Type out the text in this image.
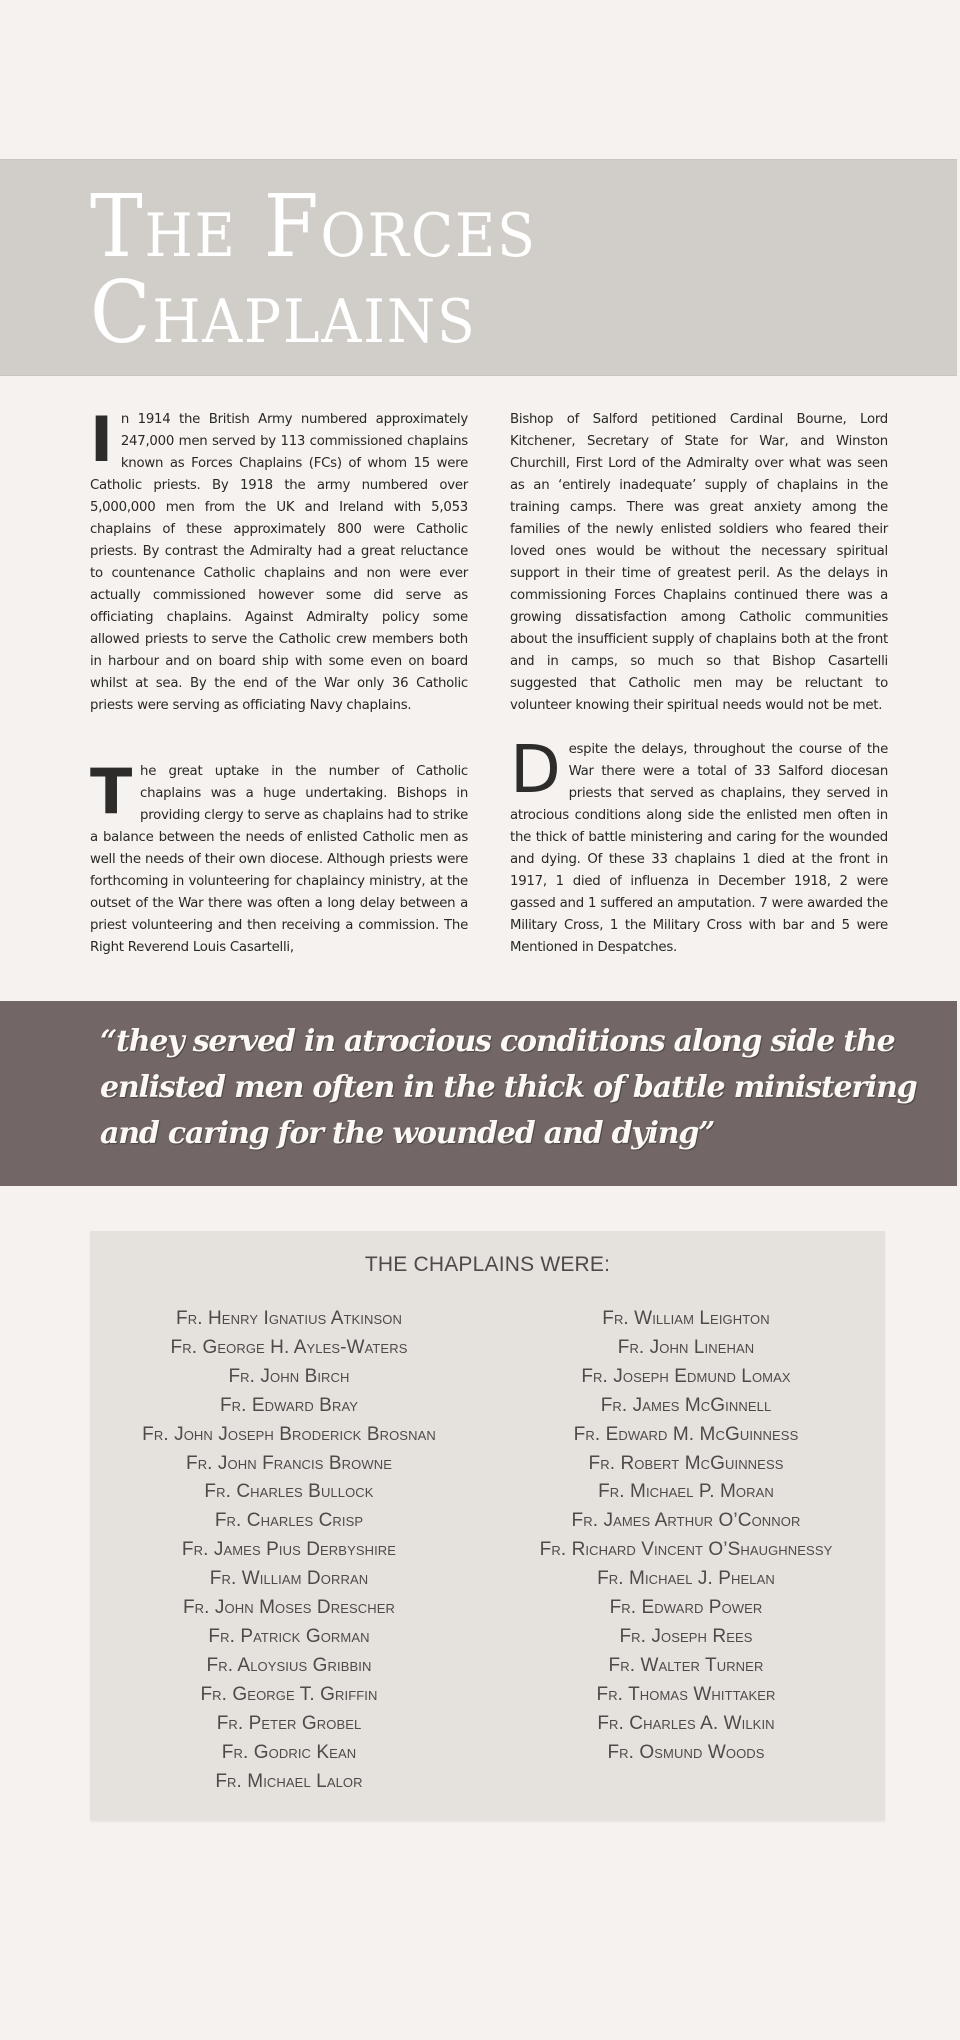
The Forces
Chaplains

In 1914 the British Army numbered approximately 247,000 men served by 113 commissioned chaplains known as Forces Chaplains (FCs) of whom 15 were Catholic priests. By 1918 the army numbered over 5,000,000 men from the UK and Ireland with 5,053 chaplains of these approximately 800 were Catholic priests. By contrast the Admiralty had a great reluctance to countenance Catholic chaplains and non were ever actually commissioned however some did serve as officiating chaplains. Against Admiralty policy some allowed priests to serve the Catholic crew members both in harbour and on board ship with some even on board whilst at sea. By the end of the War only 36 Catholic priests were serving as officiating Navy chaplains.

Bishop of Salford petitioned Cardinal Bourne, Lord Kitchener, Secretary of State for War, and Winston Churchill, First Lord of the Admiralty over what was seen as an ‘entirely inadequate’ supply of chaplains in the training camps. There was great anxiety among the families of the newly enlisted soldiers who feared their loved ones would be without the necessary spiritual support in their time of greatest peril. As the delays in commissioning Forces Chaplains continued there was a growing dissatisfaction among Catholic communities about the insufficient supply of chaplains both at the front and in camps, so much so that Bishop Casartelli suggested that Catholic men may be reluctant to volunteer knowing their spiritual needs would not be met.

The great uptake in the number of Catholic chaplains was a huge undertaking. Bishops in providing clergy to serve as chaplains had to strike a balance between the needs of enlisted Catholic men as well the needs of their own diocese. Although priests were forthcoming in volunteering for chaplaincy ministry, at the outset of the War there was often a long delay between a priest volunteering and then receiving a commission. The Right Reverend Louis Casartelli,

Despite the delays, throughout the course of the War there were a total of 33 Salford diocesan priests that served as chaplains, they served in atrocious conditions along side the enlisted men often in the thick of battle ministering and caring for the wounded and dying. Of these 33 chaplains 1 died at the front in 1917, 1 died of influenza in December 1918, 2 were gassed and 1 suffered an amputation. 7 were awarded the Military Cross, 1 the Military Cross with bar and 5 were Mentioned in Despatches.

“they served in atrocious conditions along side the enlisted men often in the thick of battle ministering and caring for the wounded and dying”
THE CHAPLAINS WERE:
Fr. Henry Ignatius Atkinson
Fr. George H. Ayles-Waters
Fr. John Birch
Fr. Edward Bray
Fr. John Joseph Broderick Brosnan
Fr. John Francis Browne
Fr. Charles Bullock
Fr. Charles Crisp
Fr. James Pius Derbyshire
Fr. William Dorran
Fr. John Moses Drescher
Fr. Patrick Gorman
Fr. Aloysius Gribbin
Fr. George T. Griffin
Fr. Peter Grobel
Fr. Godric Kean
Fr. Michael Lalor
Fr. William Leighton
Fr. John Linehan
Fr. Joseph Edmund Lomax
Fr. James McGinnell
Fr. Edward M. McGuinness
Fr. Robert McGuinness
Fr. Michael P. Moran
Fr. James Arthur O’Connor
Fr. Richard Vincent O’Shaughnessy
Fr. Michael J. Phelan
Fr. Edward Power
Fr. Joseph Rees
Fr. Walter Turner
Fr. Thomas Whittaker
Fr. Charles A. Wilkin
Fr. Osmund Woods
